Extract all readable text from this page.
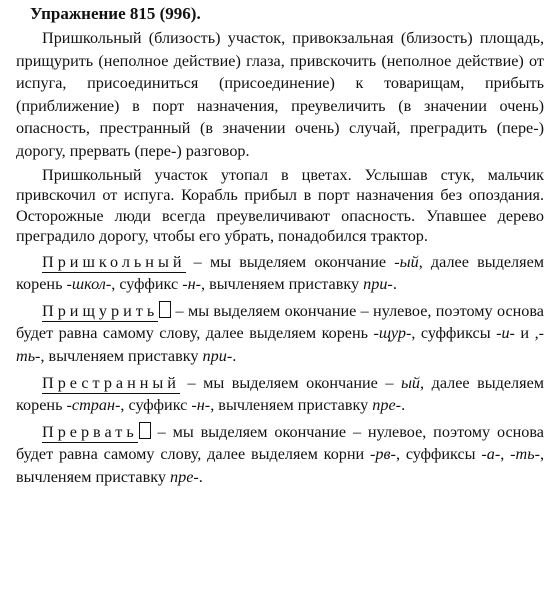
Упражнение 815 (996).

Пришкольный (близость) участок, привокзальная (близость) площадь, прищурить (неполное действие) глаза, привскочить (неполное действие) от испуга, присоединиться (присоединение) к товарищам, прибыть (приближение) в порт назначения, преувеличить (в значении очень) опасность, престранный (в значении очень) случай, преградить (пере-) дорогу, прервать (пере-) разговор.

Пришкольный участок утопал в цветах. Услышав стук, мальчик привскочил от испуга. Корабль прибыл в порт назначения без опоздания. Осторожные люди всегда преувеличивают опасность. Упавшее дерево преградило дорогу, чтобы его убрать, понадобился трактор.

Пришкольный – мы выделяем окончание -ый, далее выделяем корень -школ-, суффикс -н-, вычленяем приставку при-.

Прищурить – мы выделяем окончание – нулевое, поэтому основа будет равна самому слову, далее выделяем корень -щур-, суффиксы -и- и ,-ть-, вычленяем приставку при-.

Престранный – мы выделяем окончание – ый, далее выделяем корень -стран-, суффикс -н-, вычленяем приставку пре-.

Прервать – мы выделяем окончание – нулевое, поэтому основа будет равна самому слову, далее выделяем корни -рв-, суффиксы -а-, -ть-, вычленяем приставку пре-.
